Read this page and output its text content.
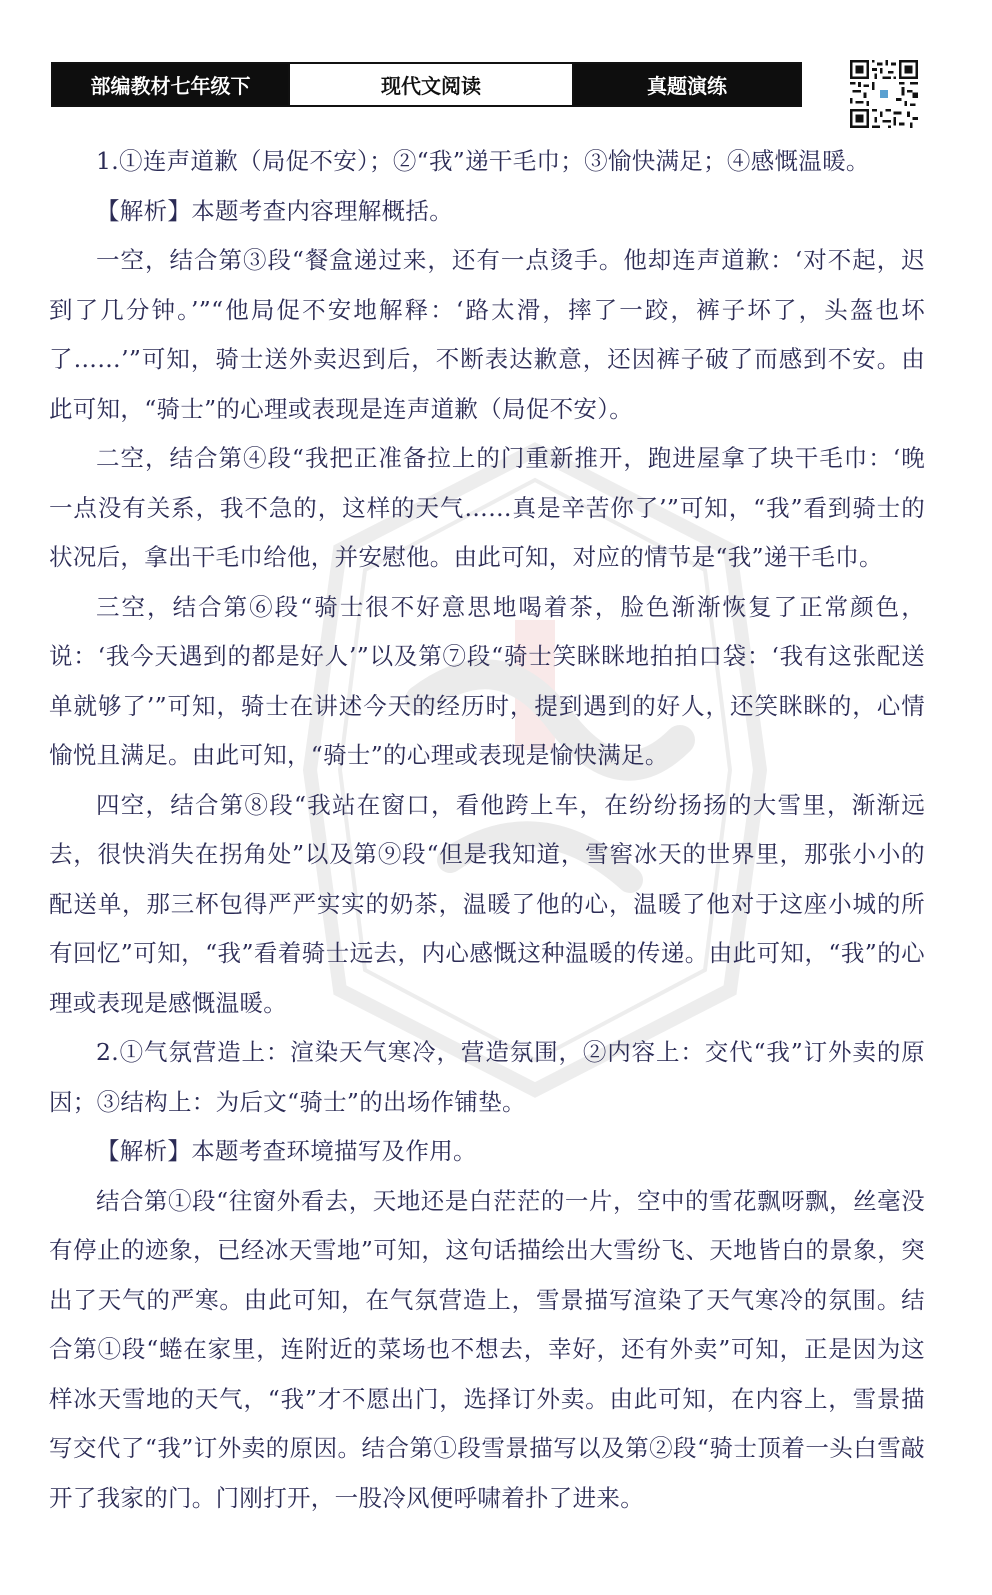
部编教材七年级下	现代文阅读	真题演练

1.①连声道歉（局促不安）；②“我”递干毛巾；③愉快满足；④感慨温暖。

【解析】本题考查内容理解概括。

一空，结合第③段“餐盒递过来，还有一点烫手。他却连声道歉：‘对不起，迟到了几分钟。’”“他局促不安地解释：‘路太滑，摔了一跤，裤子坏了，头盔也坏了……’”可知，骑士送外卖迟到后，不断表达歉意，还因裤子破了而感到不安。由此可知，“骑士”的心理或表现是连声道歉（局促不安）。

二空，结合第④段“我把正准备拉上的门重新推开，跑进屋拿了块干毛巾：‘晚一点没有关系，我不急的，这样的天气……真是辛苦你了’”可知，“我”看到骑士的状况后，拿出干毛巾给他，并安慰他。由此可知，对应的情节是“我”递干毛巾。

三空，结合第⑥段“骑士很不好意思地喝着茶，脸色渐渐恢复了正常颜色，说：‘我今天遇到的都是好人’”以及第⑦段“骑士笑眯眯地拍拍口袋：‘我有这张配送单就够了’”可知，骑士在讲述今天的经历时，提到遇到的好人，还笑眯眯的，心情愉悦且满足。由此可知，“骑士”的心理或表现是愉快满足。

四空，结合第⑧段“我站在窗口，看他跨上车，在纷纷扬扬的大雪里，渐渐远去，很快消失在拐角处”以及第⑨段“但是我知道，雪窖冰天的世界里，那张小小的配送单，那三杯包得严严实实的奶茶，温暖了他的心，温暖了他对于这座小城的所有回忆”可知，“我”看着骑士远去，内心感慨这种温暖的传递。由此可知，“我”的心理或表现是感慨温暖。

2.①气氛营造上：渲染天气寒冷，营造氛围，②内容上：交代“我”订外卖的原因；③结构上：为后文“骑士”的出场作铺垫。

【解析】本题考查环境描写及作用。

结合第①段“往窗外看去，天地还是白茫茫的一片，空中的雪花飘呀飘，丝毫没有停止的迹象，已经冰天雪地”可知，这句话描绘出大雪纷飞、天地皆白的景象，突出了天气的严寒。由此可知，在气氛营造上，雪景描写渲染了天气寒冷的氛围。结合第①段“蜷在家里，连附近的菜场也不想去，幸好，还有外卖”可知，正是因为这样冰天雪地的天气，“我”才不愿出门，选择订外卖。由此可知，在内容上，雪景描写交代了“我”订外卖的原因。结合第①段雪景描写以及第②段“骑士顶着一头白雪敲开了我家的门。门刚打开，一股冷风便呼啸着扑了进来。
